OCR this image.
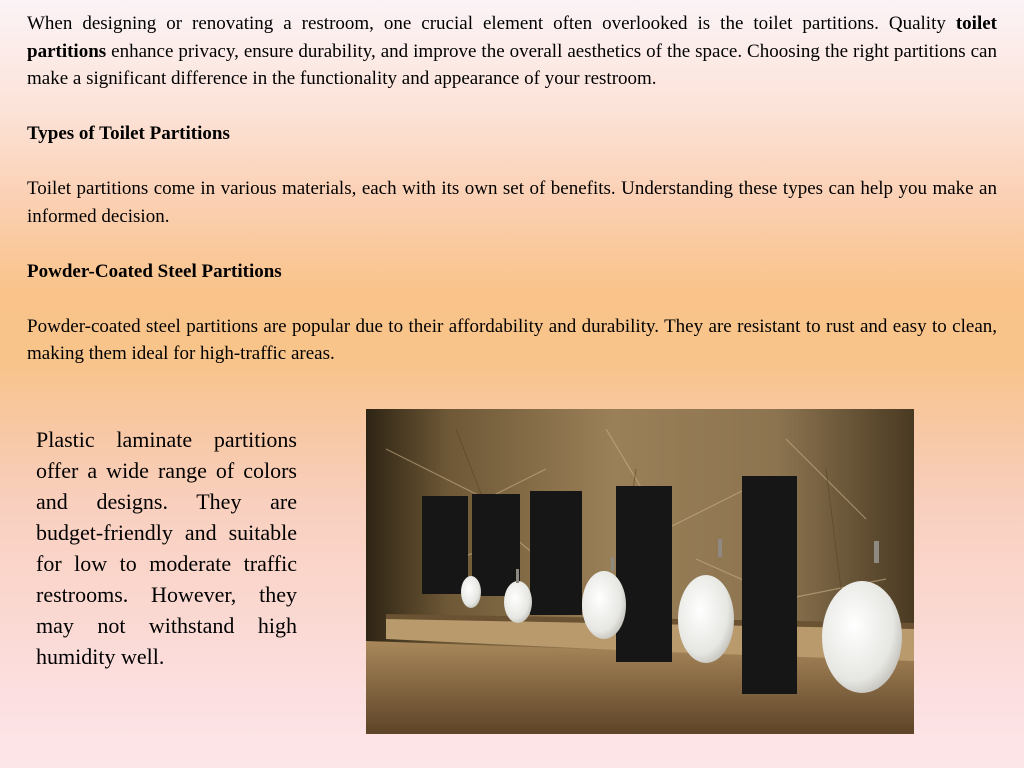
When designing or renovating a restroom, one crucial element often overlooked is the toilet partitions. Quality toilet partitions enhance privacy, ensure durability, and improve the overall aesthetics of the space. Choosing the right partitions can make a significant difference in the functionality and appearance of your restroom.

Types of Toilet Partitions

Toilet partitions come in various materials, each with its own set of benefits. Understanding these types can help you make an informed decision.

Powder-Coated Steel Partitions

Powder-coated steel partitions are popular due to their affordability and durability. They are resistant to rust and easy to clean, making them ideal for high-traffic areas.

Plastic laminate partitions offer a wide range of colors and designs. They are budget-friendly and suitable for low to moderate traffic restrooms. However, they may not withstand high humidity well.
